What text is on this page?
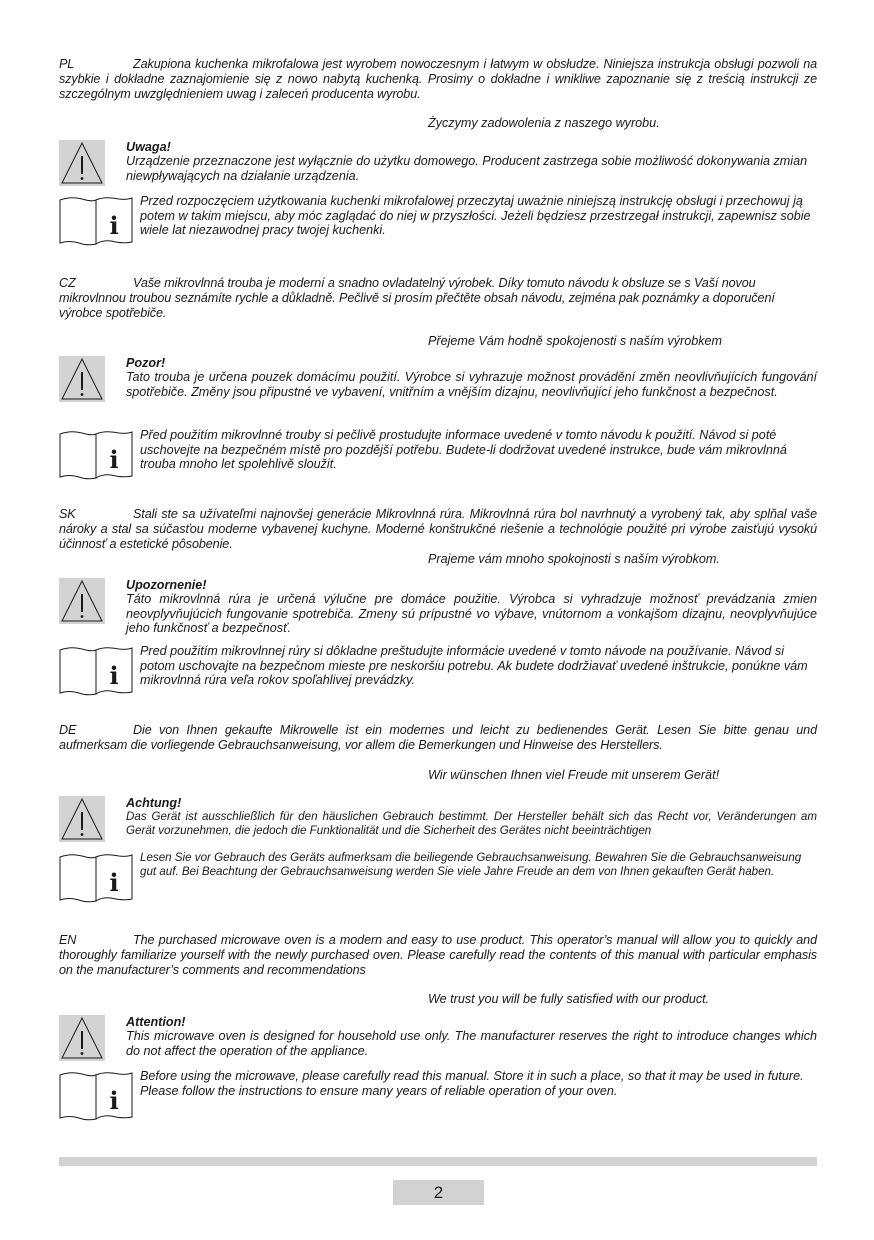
PL	Zakupiona kuchenka mikrofalowa jest wyrobem nowoczesnym i łatwym w obsłudze. Niniejsza instrukcja obsługi pozwoli na szybkie i dokładne zaznajomienie się z nowo nabytą kuchenką. Prosimy o dokładne i wnikliwe zapoznanie się z treścią instrukcji ze szczególnym uwzględnieniem uwag i zaleceń producenta wyrobu.

Życzymy zadowolenia z naszego wyrobu.

Uwaga!

Urządzenie przeznaczone jest wyłącznie do użytku domowego. Producent zastrzega sobie możliwość dokonywania zmian niewpływających na działanie urządzenia.

i

Przed rozpoczęciem użytkowania kuchenki mikrofalowej przeczytaj uważnie niniejszą instrukcję obsługi i przechowuj ją potem w takim miejscu, aby móc zaglądać do niej w przyszłości. Jeżeli będziesz przestrzegał instrukcji, zapewnisz sobie wiele lat niezawodnej pracy twojej kuchenki.

CZ	Vaše mikrovlnná trouba je moderní a snadno ovladatelný výrobek. Díky tomuto návodu k obsluze se s Vaší novou mikrovlnnou troubou seznámíte rychle a důkladně. Pečlivě si prosím přečtěte obsah návodu, zejména pak poznámky a doporučení výrobce spotřebiče.

Přejeme Vám hodně spokojenosti s naším výrobkem

Pozor!

Tato trouba je určena pouzek domácímu použití. Výrobce si vyhrazuje možnost provádění změn neovlivňujících fungování spotřebiče. Změny jsou připustné ve vybavení, vnitřním a vnějším dizajnu, neovlivňující jeho funkčnost a bezpečnost.

i

Před použitím mikrovlnné trouby si pečlivě prostudujte informace uvedené v tomto návodu k použití. Návod si poté uschovejte na bezpečném místě pro pozdější potřebu. Budete-li dodržovat uvedené instrukce, bude vám mikrovlnná trouba mnoho let spolehlivě sloužit.

SK	Stali ste sa užívateľmi najnovšej generácie Mikrovlnná rúra. Mikrovlnná rúra bol navrhnutý a vyrobený tak, aby splňal vaše nároky a stal sa súčasťou moderne vybavenej kuchyne. Moderné konštrukčné riešenie a technológie použité pri výrobe zaisťujú vysokú účinnosť a estetické pôsobenie.

Prajeme vám mnoho spokojnosti s naším výrobkom.

Upozornenie!

Táto mikrovlnná rúra je určená výlučne pre domáce použitie. Výrobca si vyhradzuje možnosť prevádzania zmien neovplyvňujúcich fungovanie spotrebiča. Zmeny sú prípustné vo výbave, vnútornom a vonkajšom dizajnu, neovplyvňujúce jeho funkčnosť a bezpečnosť.

i

Pred použitím mikrovlnnej rúry si dôkladne preštudujte informácie uvedené v tomto návode na používanie. Návod si potom uschovajte na bezpečnom mieste pre neskoršiu potrebu. Ak budete dodržiavať uvedené inštrukcie, ponúkne vám mikrovlnná rúra veľa rokov spoľahlivej prevádzky.

DE	Die von Ihnen gekaufte Mikrowelle ist ein modernes und leicht zu bedienendes Gerät. Lesen Sie bitte genau und aufmerksam die vorliegende Gebrauchsanweisung, vor allem die Bemerkungen und Hinweise des Herstellers.

Wir wünschen Ihnen viel Freude mit unserem Gerät!

Achtung!

Das Gerät ist ausschließlich für den häuslichen Gebrauch bestimmt. Der Hersteller behält sich das Recht vor, Veränderungen am Gerät vorzunehmen, die jedoch die Funktionalität und die Sicherheit des Gerätes nicht beeinträchtigen

i

Lesen Sie vor Gebrauch des Geräts aufmerksam die beiliegende Gebrauchsanweisung. Bewahren Sie die Gebrauchsanweisung gut auf. Bei Beachtung der Gebrauchsanweisung werden Sie viele Jahre Freude an dem von Ihnen gekauften Gerät haben.

EN	The purchased microwave oven is a modern and easy to use product. This operator’s manual will allow you to quickly and thoroughly familiarize yourself with the newly purchased oven. Please carefully read the contents of this manual with particular emphasis on the manufacturer’s comments and recommendations

We trust you will be fully satisfied with our product.

Attention!

This microwave oven is designed for household use only. The manufacturer reserves the right to introduce changes which do not affect the operation of the appliance.

i

Before using the microwave, please carefully read this manual. Store it in such a place, so that it may be used in future. Please follow the instructions to ensure many years of reliable operation of your oven.

2
